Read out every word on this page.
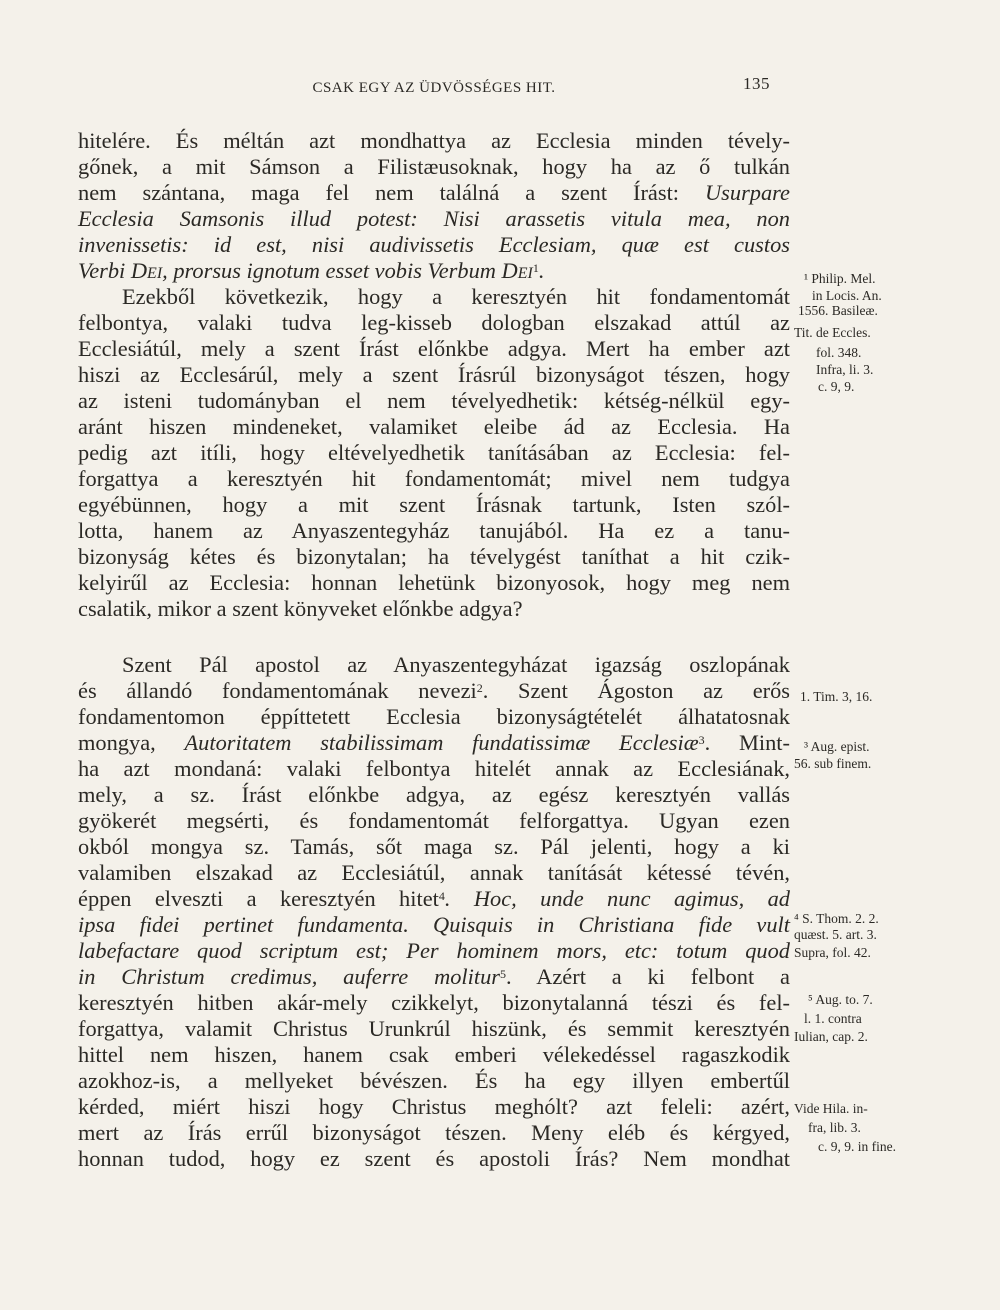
CSAK EGY AZ ÜDVÖSSÉGES HIT.	135
hitelére. És méltán azt mondhattya az Ecclesia minden tévely-
gőnek, a mit Sámson a Filistæusoknak, hogy ha az ő tulkán
nem szántana, maga fel nem találná a szent Írást: Usurpare
Ecclesia Samsonis illud potest: Nisi arassetis vitula mea, non
invenissetis: id est, nisi audivissetis Ecclesiam, quæ est custos
Verbi Dei, prorsus ignotum esset vobis Verbum Dei$^1$.
Ezekből következik, hogy a keresztyén hit fondamentomát
felbontya, valaki tudva leg-kisseb dologban elszakad attúl az
Ecclesiátúl, mely a szent Írást előnkbe adgya. Mert ha ember azt
hiszi az Ecclesárúl, mely a szent Írásrúl bizonyságot tészen, hogy
az isteni tudományban el nem tévelyedhetik: kétség-nélkül egy-
aránt hiszen mindeneket, valamiket eleibe ád az Ecclesia. Ha
pedig azt itíli, hogy eltévelyedhetik tanításában az Ecclesia: fel-
forgattya a keresztyén hit fondamentomát; mivel nem tudgya
egyébünnen, hogy a mit szent Írásnak tartunk, Isten szól-
lotta, hanem az Anyaszentegyház tanujából. Ha ez a tanu-
bizonyság kétes és bizonytalan; ha tévelygést taníthat a hit czik-
kelyirűl az Ecclesia: honnan lehetünk bizonyosok, hogy meg nem
csalatik, mikor a szent könyveket előnkbe adgya?
Szent Pál apostol az Anyaszentegyházat igazság oszlopának
és állandó fondamentomának nevezi$^2$. Szent Ágoston az erős
fondamentomon éppíttetett Ecclesia bizonyságtételét álhatatosnak
mongya, Autoritatem stabilissimam fundatissimæ Ecclesiæ$^3$. Mint-
ha azt mondaná: valaki felbontya hitelét annak az Ecclesiának,
mely, a sz. Írást előnkbe adgya, az egész keresztyén vallás
gyökerét megsérti, és fondamentomát felforgattya. Ugyan ezen
okból mongya sz. Tamás, sőt maga sz. Pál jelenti, hogy a ki
valamiben elszakad az Ecclesiátúl, annak tanítását kétessé tévén,
éppen elveszti a keresztyén hitet$^4$. Hoc, unde nunc agimus, ad
ipsa fidei pertinet fundamenta. Quisquis in Christiana fide vult
labefactare quod scriptum est; Per hominem mors, etc: totum quod
in Christum credimus, auferre molitur$^5$. Azért a ki felbont a
keresztyén hitben akár-mely czikkelyt, bizonytalanná tészi és fel-
forgattya, valamit Christus Urunkrúl hiszünk, és semmit keresztyén
hittel nem hiszen, hanem csak emberi vélekedéssel ragaszkodik
azokhoz-is, a mellyeket bévészen. És ha egy illyen embertűl
kérded, miért hiszi hogy Christus meghólt? azt feleli: azért,
mert az Írás errűl bizonyságot tészen. Meny eléb és kérgyed,
honnan tudod, hogy ez szent és apostoli Írás? Nem mondhat
¹ Philip. Mel.
in Locis. An.
1556. Basileæ.
Tit. de Eccles.
fol. 348.
Infra, li. 3.
c. 9, 9.
1. Tim. 3, 16.
³ Aug. epist.
56. sub finem.
⁴ S. Thom. 2. 2.
quæst. 5. art. 3.
Supra, fol. 42.
⁵ Aug. to. 7.
l. 1. contra
Iulian, cap. 2.
Vide Hila. in-
fra, lib. 3.
c. 9, 9. in fine.
